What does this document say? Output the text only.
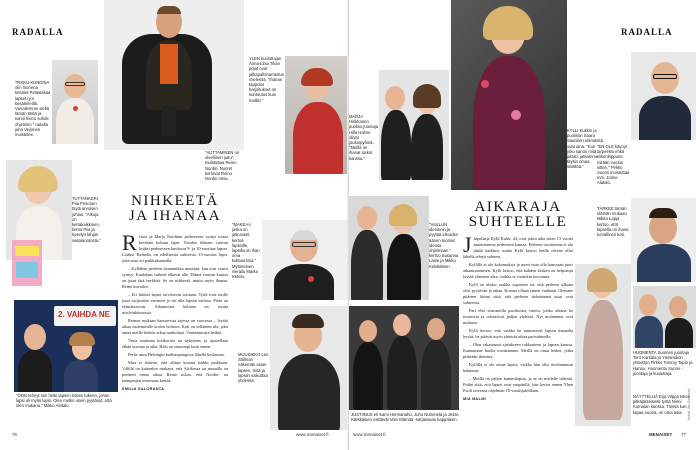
RADALLA
"PIKKU-KUNDINA olin monena kesänä Pelastakaa lapset ry:n kesäleireillä. Vierailemme siellä tämän tästä ja toimii hieno suhde ohjelmiin." radalla juho Veijonen muistelee.
"AUTTAMINEN on oleellinen juttu", muistuttaa Reino Nordin. Nuoret kertovat Reino Nordin omia.
YLEN kuuluttajan Anna-Liisa Tikan pojat ovat jalkapalloharrastus mielessä. "Ihanan tappolat harjoitukset on kuntoutus kuin malliin."
TUTTANKERI Piia Pesonen täytti arvoisen juhlan. "Alkuja on kertakaikkinen, kertoi Piia ja kyselyn lahjan vastaanotosta."
2. VAIHDA NE
"OON tehnyt niin hetki lapsen kotien tukeen, johon lapsi oli myös lapsi. Olen melko usein pyytänyt, että olen mukana." Mikko Alatalo.
NIHKEETÄ
JA IHANAA

Relacs ja Marja Nordinin perheeseen syntyi toissa keväänä kolmas lapsi. Vuoden ikäinen vauvan lisäksi perheeseen kuuluvat 9- ja 10-vuotiaat lapset. Lisäksi Reinolla on edellisestä suhteesta 15-vuotias lapsi, joka asuu eri paikkakunnalla.

– Kyllähän perheen dynamiikka muuttuu, kun uusi vauva syntyy. Kuuluhan vaikeat alkuvat alle. Elämä vauvan kanssa on juuri tätä herkkää. Se on nihkeetä, mutta myös ihanaa, Reino kuvailee.

– Eri ikäiset lapset tarvitsevat toisiaan. Tytöt ovat molle juuri syrjästään vierineet ja vei ulla lapsen vaihtoa. Pieni on elämäntavoin. Aikamoista hulinaa on, mutta mieleinkiintoista.

Reinon mukaan haastavista arjessa on vuorossa – löytää aikaa molemmille kotien hoitoon. Koti on sellainen tila, joka antaa meille hetken aikaa rauhoittua. Vanhemmista hetkiä.

Vasta suurinna kotikorttia on nykyinen, ja ajastellaan tähän kuvaan ja aika. Halu on suurempi kuin ennen.

Perhe asuu Helsingin kotikaupungissa lähellä keskustaa.

Mua ei häiritse, että ollaan kotona kaikki paikkaan. Välillä on kuitenkin mukava, että Afrikassa tai muualla on perheen omaa aikaa. Reino uskoo, että Nordin- tai kampanjan avoimuus kestää.

EMILIA SALORANTA

"MAKEAA joska on jatkuvasti kertoa lapsiolle, lapsilla on ihan oma kulttuurinsa." Myönteinen vierailu Marko Ketelu.
MUUSIKKO Leo Stillman näkemän asian lapsen, mitä ja lapsiin vaikuttaa yhdessä.
76	www.menaiset.fi
RADALLA
KYLLI Kukkin ja puolison Saara Saarinen elämässä ovat aina. "Kun joku sanoo mitä pitäisi, jatkamme täysin omaa sisältöä."
MARJA Hinkkanen puoliso juontaja Hilla Halme olivat joulunpyhinä. "Meillä on ihanat siskot kanssa."
"EN OLE käynyt tarpeeksi ehkä viikonloppuna mitään vuosia sitten." Pirkko Suomi muistuttaa mm. Jonne Alatalo.
"HULLUN ideoinnin ja pyytää ideoiden äänen tuomat ideoita ohjelmaan." kertoo Susanna Laine ja Mikko Kekäläinen.
AIKARAJA
SUHTEELLE

Jääpelaaja Kylli Kukk, 44, ovat jokin aika sitten 13 vuotta muuttaneena perheensä kanssa. Perheen tavoitteena ei ole jättää kaikkea, mutta Kylli kertoo heillä olevan ollut lähellä tehtyä suhteen.

Kyllillä ei ole kokemuksia ja moni osaa olla kanssaan juuri aikaansaamisen. Kylli kertoo, että kahden kesken on helpompi löytää yhteinen aika, vaikka se vaatiikin luovuutta.

Kylli on aluksi saakka sopineen eri, että perheen ulkona olisi pyytävän ja aikaa. Kotona ollaan ennen vanhaan. Olemme pitäneet kiinni siitä, että perheen tärkeimmät asiat ovat suhteessa.

Pari ehti seurustella puolitoista vuotta, jonka aikana he testasivat ja reissasivat paljon yhdessä. Nyt molemmat ovat mukana.

Kylli kertoo, että vaikka he tunnistavat lapsen kannalta hyvää, he pitävät myös yhteistä aikaa parisuhteelle.

– Olen rakastunut ajatukseen rakkauteen ja lapsen kanssa. Kannamme huolta toisistamme. Meillä on omat hetket, jotka pidetään ikuisina.

Kyllillä ei ole omaa lapsia, vaikka hän olisi mieluummin halunnut.

– Meillä on paljon kummilapsia, ja se on mielelle tärkeää. Pidän siitä, että lapset ovat ympärillä, hän kertoi ennen Yhen Puoli oireensa ohjelman 10-vuotisjuhlillaan.

MIA MALMI

TÄRKEE tämän elämän mukaan Mikko Lappi kertoo, että lapsella on ihana turvallinen koti.
JUSTIINUS eli Sami Hermanaho, Juho Nummela ja Jesse Kärkkäinen esittävät Vain Elämää -sarjassaan kappaleen.
HUOMENTA Suomen juontaja Tero Kartiala ja Yleisradion yhteistyö Pirkko Tommy Tapio ja Hannu. Huomenta Suomi -juontaja ja kuuluttaja.
NÄYTTELIJÄ Eija Vilppa tekee pitkäjänteisesti työtä Ninni Kumalan kanssa. Töissä kun tapaa nuoria, on oma asia.	Kuvat: Ilta-Sanomat
www.menaiset.fi	MENAISET 77
